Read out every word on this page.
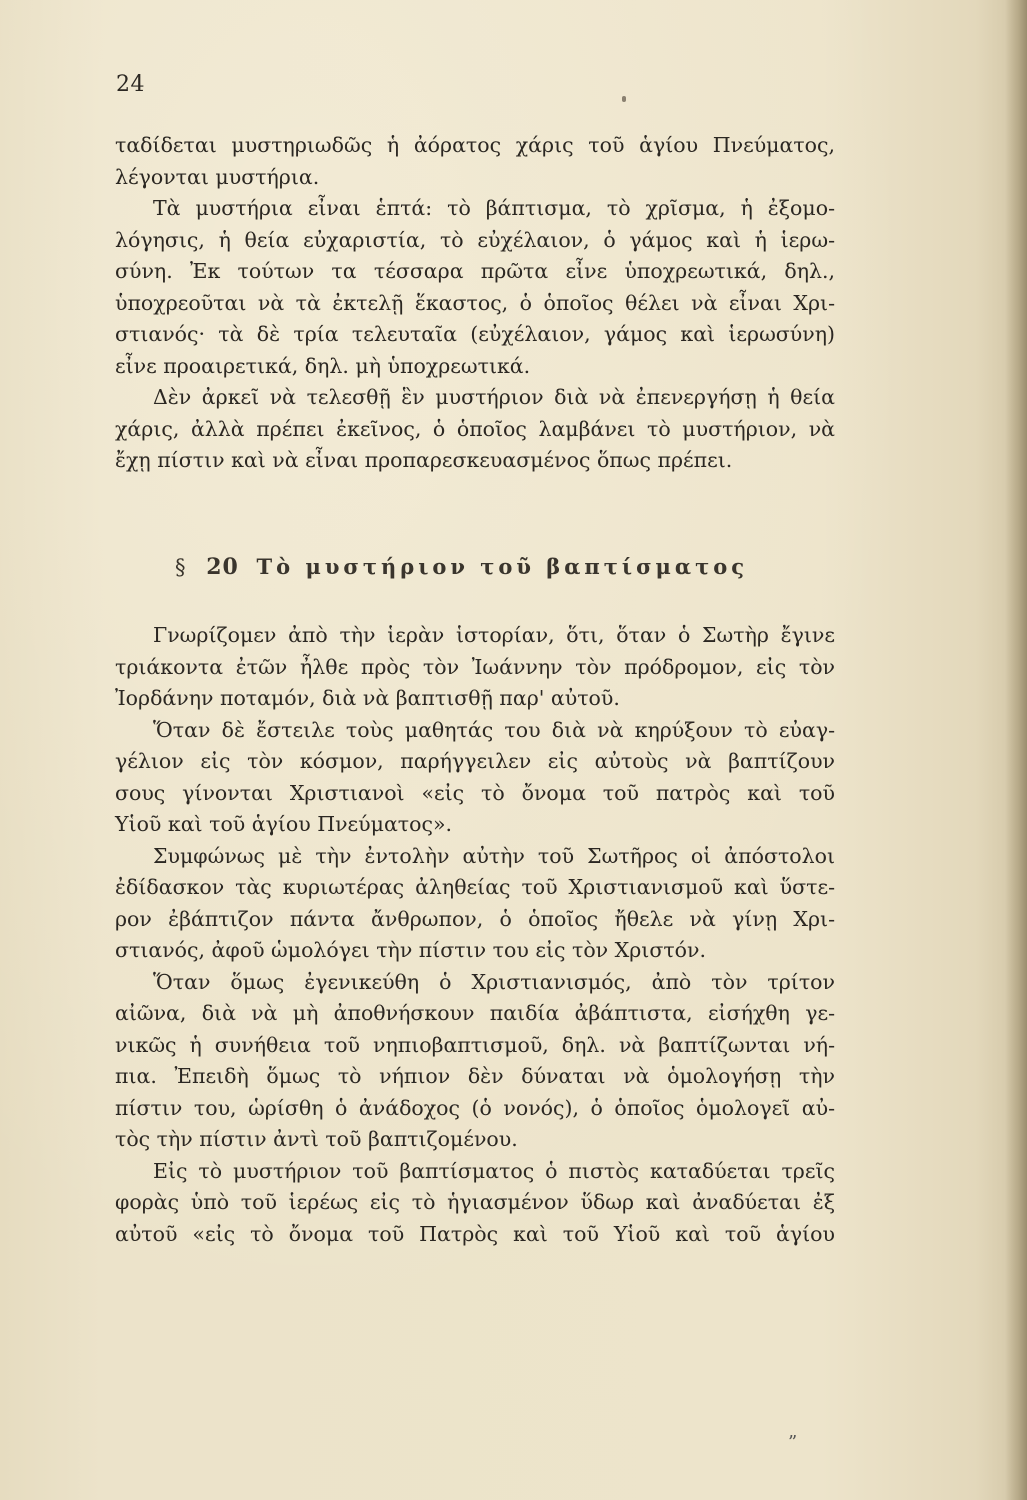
24
ταδίδεται μυστηριωδῶς ἡ ἀόρατος χάρις τοῦ ἁγίου Πνεύματος,
λέγονται μυστήρια.
Τὰ μυστήρια εἶναι ἑπτά: τὸ βάπτισμα, τὸ χρῖσμα, ἡ ἐξομο-
λόγησις, ἡ θεία εὐχαριστία, τὸ εὐχέλαιον, ὁ γάμος καὶ ἡ ἱερω-
σύνη. Ἐκ τούτων τα τέσσαρα πρῶτα εἶνε ὑποχρεωτικά, δηλ.,
ὑποχρεοῦται νὰ τὰ ἐκτελῇ ἕκαστος, ὁ ὁποῖος θέλει νὰ εἶναι Χρι-
στιανός· τὰ δὲ τρία τελευταῖα (εὐχέλαιον, γάμος καὶ ἱερωσύνη)
εἶνε προαιρετικά, δηλ. μὴ ὑποχρεωτικά.
Δὲν ἀρκεῖ νὰ τελεσθῇ ἓν μυστήριον διὰ νὰ ἐπενεργήσῃ ἡ θεία
χάρις, ἀλλὰ πρέπει ἐκεῖνος, ὁ ὁποῖος λαμβάνει τὸ μυστήριον, νὰ
ἔχῃ πίστιν καὶ νὰ εἶναι προπαρεσκευασμένος ὅπως πρέπει.
§ 20 Τὸ μυστήριον τοῦ βαπτίσματος
Γνωρίζομεν ἀπὸ τὴν ἱερὰν ἱστορίαν, ὅτι, ὅταν ὁ Σωτὴρ ἔγινε
τριάκοντα ἐτῶν ἦλθε πρὸς τὸν Ἰωάννην τὸν πρόδρομον, εἰς τὸν
Ἰορδάνην ποταμόν, διὰ νὰ βαπτισθῇ παρ' αὐτοῦ.
Ὅταν δὲ ἔστειλε τοὺς μαθητάς του διὰ νὰ κηρύξουν τὸ εὐαγ-
γέλιον εἰς τὸν κόσμον, παρήγγειλεν εἰς αὐτοὺς νὰ βαπτίζουν
σους γίνονται Χριστιανοὶ «εἰς τὸ ὄνομα τοῦ πατρὸς καὶ τοῦ
Υἱοῦ καὶ τοῦ ἁγίου Πνεύματος».
Συμφώνως μὲ τὴν ἐντολὴν αὐτὴν τοῦ Σωτῆρος οἱ ἀπόστολοι
ἐδίδασκον τὰς κυριωτέρας ἀληθείας τοῦ Χριστιανισμοῦ καὶ ὕστε-
ρον ἐβάπτιζον πάντα ἄνθρωπον, ὁ ὁποῖος ἤθελε νὰ γίνῃ Χρι-
στιανός, ἀφοῦ ὡμολόγει τὴν πίστιν του εἰς τὸν Χριστόν.
Ὅταν ὅμως ἐγενικεύθη ὁ Χριστιανισμός, ἀπὸ τὸν τρίτον
αἰῶνα, διὰ νὰ μὴ ἀποθνήσκουν παιδία ἀβάπτιστα, εἰσήχθη γε-
νικῶς ἡ συνήθεια τοῦ νηπιοβαπτισμοῦ, δηλ. νὰ βαπτίζωνται νή-
πια. Ἐπειδὴ ὅμως τὸ νήπιον δὲν δύναται νὰ ὁμολογήσῃ τὴν
πίστιν του, ὡρίσθη ὁ ἀνάδοχος (ὁ νονός), ὁ ὁποῖος ὁμολογεῖ αὐ-
τὸς τὴν πίστιν ἀντὶ τοῦ βαπτιζομένου.
Εἰς τὸ μυστήριον τοῦ βαπτίσματος ὁ πιστὸς καταδύεται τρεῖς
φορὰς ὑπὸ τοῦ ἱερέως εἰς τὸ ἡγιασμένον ὕδωρ καὶ ἀναδύεται ἐξ
αὐτοῦ «εἰς τὸ ὄνομα τοῦ Πατρὸς καὶ τοῦ Υἱοῦ καὶ τοῦ ἁγίου
”
